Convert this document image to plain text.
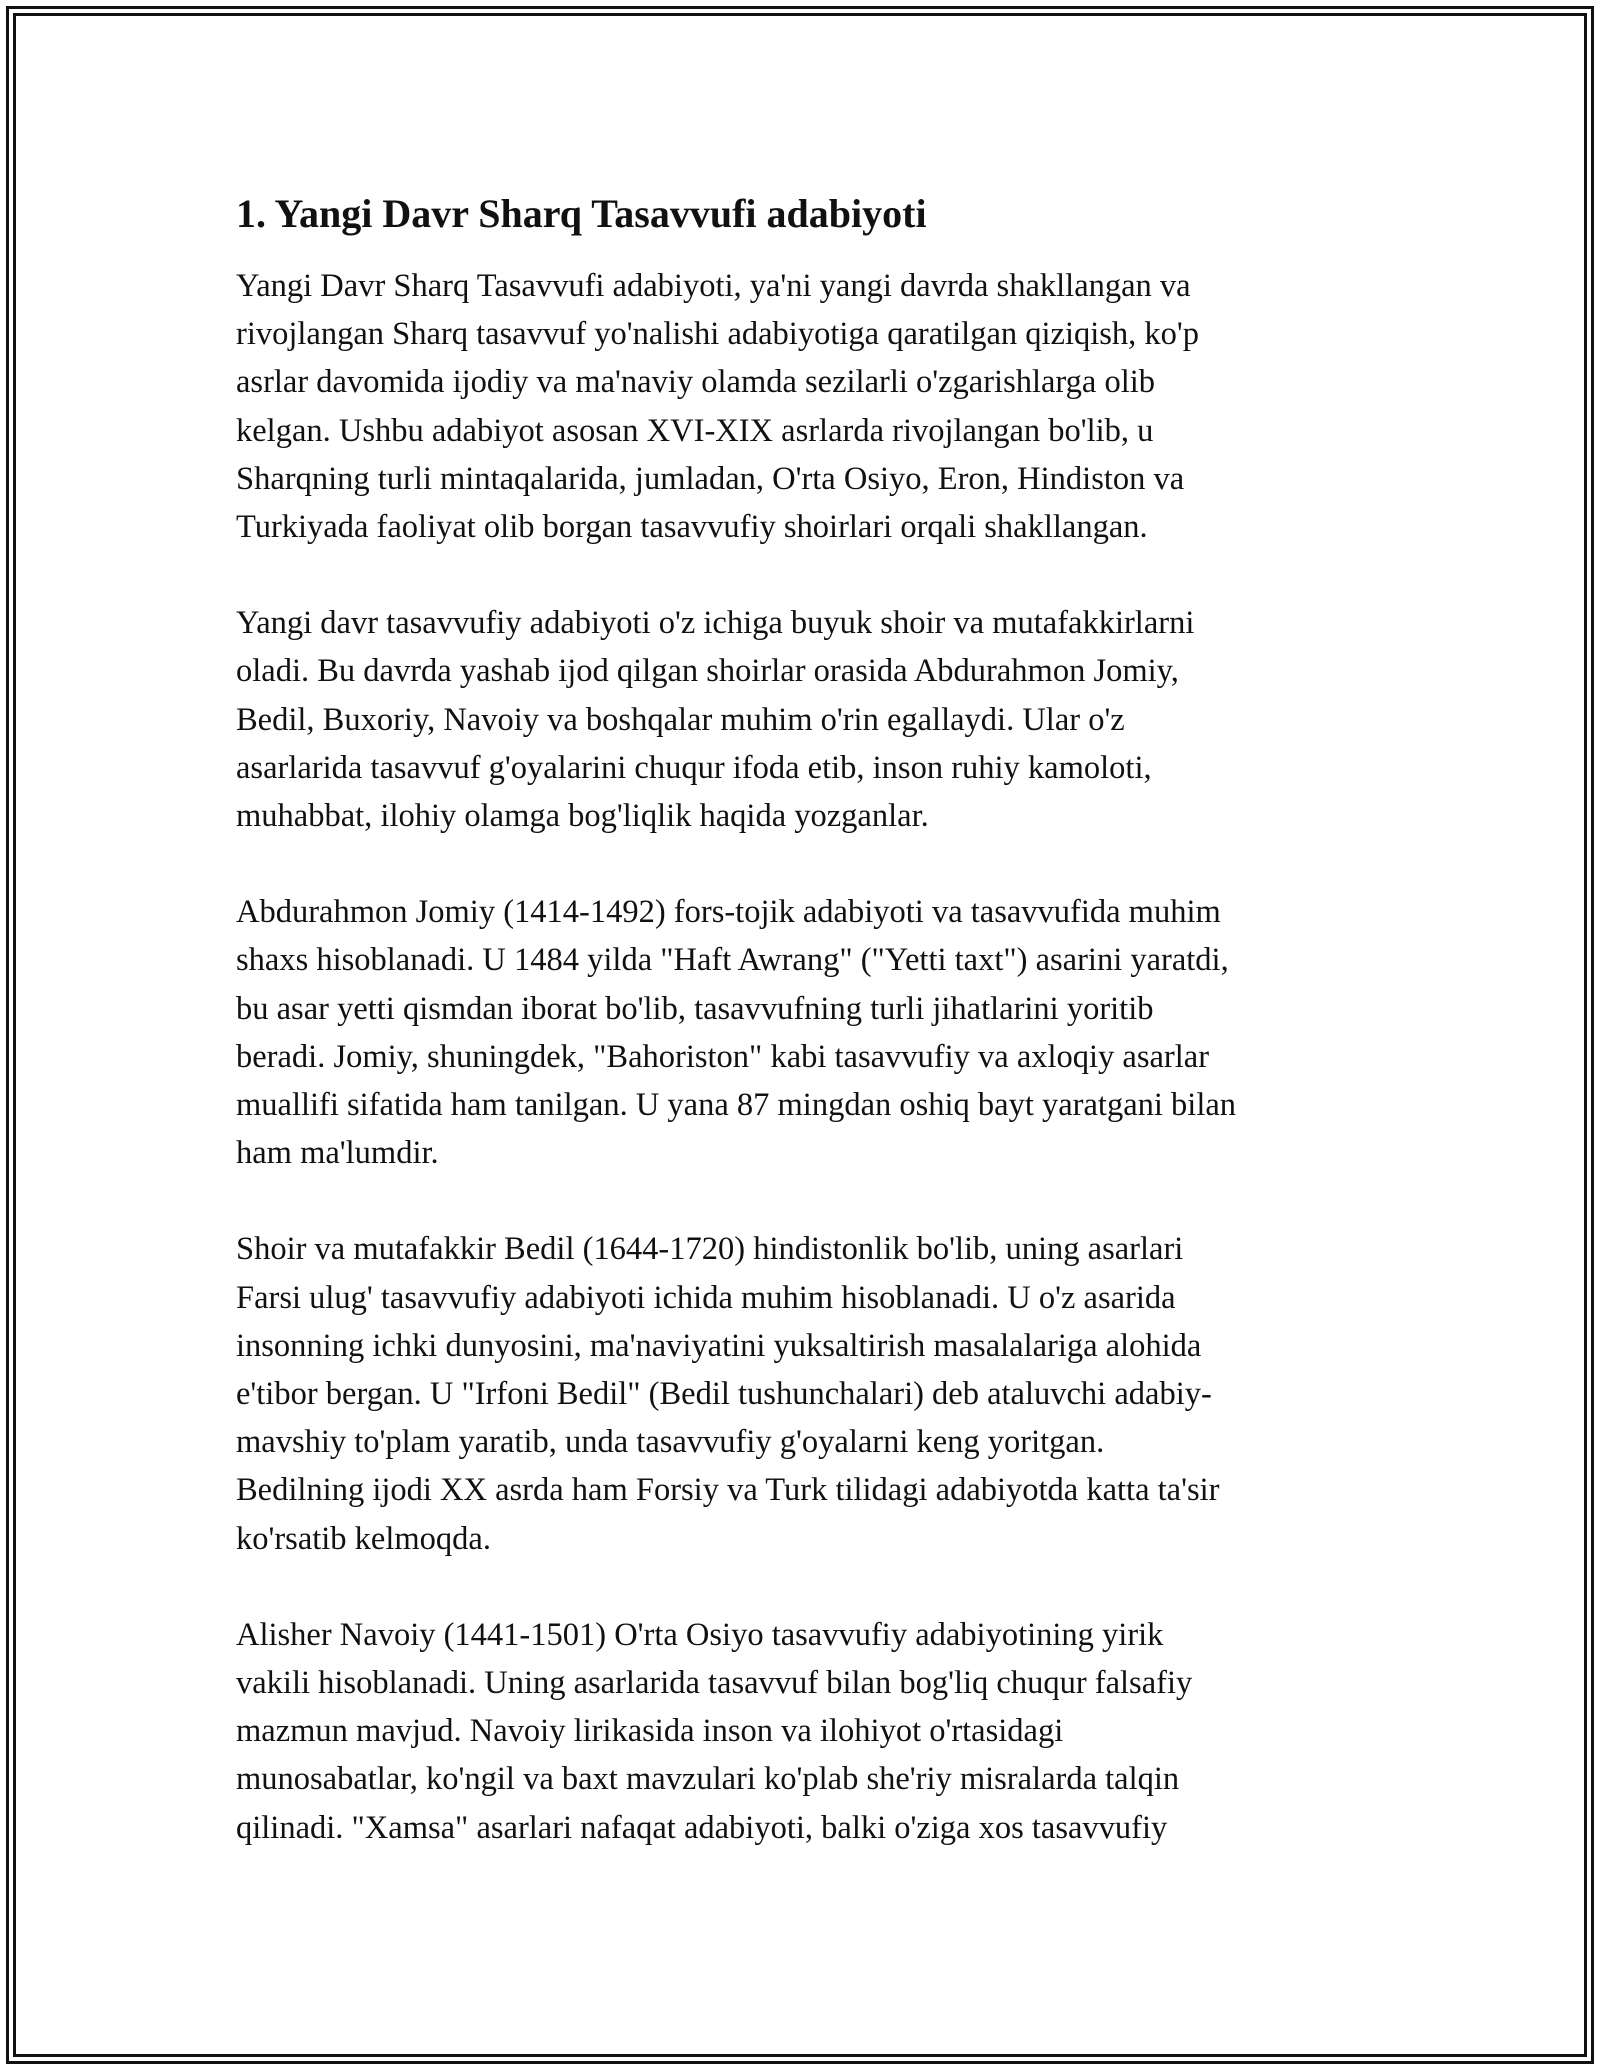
1. Yangi Davr Sharq Tasavvufi adabiyoti

Yangi Davr Sharq Tasavvufi adabiyoti, ya'ni yangi davrda shakllangan va
rivojlangan Sharq tasavvuf yo'nalishi adabiyotiga qaratilgan qiziqish, ko'p
asrlar davomida ijodiy va ma'naviy olamda sezilarli o'zgarishlarga olib
kelgan. Ushbu adabiyot asosan XVI-XIX asrlarda rivojlangan bo'lib, u
Sharqning turli mintaqalarida, jumladan, O'rta Osiyo, Eron, Hindiston va
Turkiyada faoliyat olib borgan tasavvufiy shoirlari orqali shakllangan.

Yangi davr tasavvufiy adabiyoti o'z ichiga buyuk shoir va mutafakkirlarni
oladi. Bu davrda yashab ijod qilgan shoirlar orasida Abdurahmon Jomiy,
Bedil, Buxoriy, Navoiy va boshqalar muhim o'rin egallaydi. Ular o'z
asarlarida tasavvuf g'oyalarini chuqur ifoda etib, inson ruhiy kamoloti,
muhabbat, ilohiy olamga bog'liqlik haqida yozganlar.

Abdurahmon Jomiy (1414-1492) fors-tojik adabiyoti va tasavvufida muhim
shaxs hisoblanadi. U 1484 yilda "Haft Awrang" ("Yetti taxt") asarini yaratdi,
bu asar yetti qismdan iborat bo'lib, tasavvufning turli jihatlarini yoritib
beradi. Jomiy, shuningdek, "Bahoriston" kabi tasavvufiy va axloqiy asarlar
muallifi sifatida ham tanilgan. U yana 87 mingdan oshiq bayt yaratgani bilan
ham ma'lumdir.

Shoir va mutafakkir Bedil (1644-1720) hindistonlik bo'lib, uning asarlari
Farsi ulug' tasavvufiy adabiyoti ichida muhim hisoblanadi. U o'z asarida
insonning ichki dunyosini, ma'naviyatini yuksaltirish masalalariga alohida
e'tibor bergan. U "Irfoni Bedil" (Bedil tushunchalari) deb ataluvchi adabiy-
mavshiy to'plam yaratib, unda tasavvufiy g'oyalarni keng yoritgan.
Bedilning ijodi XX asrda ham Forsiy va Turk tilidagi adabiyotda katta ta'sir
ko'rsatib kelmoqda.

Alisher Navoiy (1441-1501) O'rta Osiyo tasavvufiy adabiyotining yirik
vakili hisoblanadi. Uning asarlarida tasavvuf bilan bog'liq chuqur falsafiy
mazmun mavjud. Navoiy lirikasida inson va ilohiyot o'rtasidagi
munosabatlar, ko'ngil va baxt mavzulari ko'plab she'riy misralarda talqin
qilinadi. "Xamsa" asarlari nafaqat adabiyoti, balki o'ziga xos tasavvufiy
